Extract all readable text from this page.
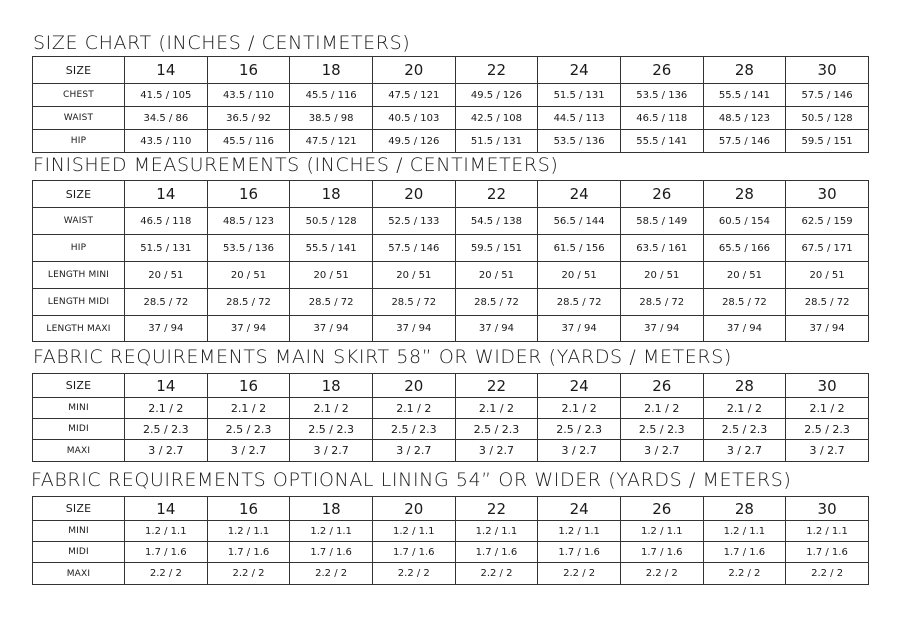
SIZE CHART (INCHES / CENTIMETERS)
SIZE	14	16	18	20	22	24	26	28	30
CHEST	41.5 / 105	43.5 / 110	45.5 / 116	47.5 / 121	49.5 / 126	51.5 / 131	53.5 / 136	55.5 / 141	57.5 / 146
WAIST	34.5 / 86	36.5 / 92	38.5 / 98	40.5 / 103	42.5 / 108	44.5 / 113	46.5 / 118	48.5 / 123	50.5 / 128
HIP	43.5 / 110	45.5 / 116	47.5 / 121	49.5 / 126	51.5 / 131	53.5 / 136	55.5 / 141	57.5 / 146	59.5 / 151
FINISHED MEASUREMENTS (INCHES / CENTIMETERS)
SIZE	14	16	18	20	22	24	26	28	30
WAIST	46.5 / 118	48.5 / 123	50.5 / 128	52.5 / 133	54.5 / 138	56.5 / 144	58.5 / 149	60.5 / 154	62.5 / 159
HIP	51.5 / 131	53.5 / 136	55.5 / 141	57.5 / 146	59.5 / 151	61.5 / 156	63.5 / 161	65.5 / 166	67.5 / 171
LENGTH MINI	20 / 51	20 / 51	20 / 51	20 / 51	20 / 51	20 / 51	20 / 51	20 / 51	20 / 51
LENGTH MIDI	28.5 / 72	28.5 / 72	28.5 / 72	28.5 / 72	28.5 / 72	28.5 / 72	28.5 / 72	28.5 / 72	28.5 / 72
LENGTH MAXI	37 / 94	37 / 94	37 / 94	37 / 94	37 / 94	37 / 94	37 / 94	37 / 94	37 / 94
FABRIC REQUIREMENTS MAIN SKIRT 58” OR WIDER (YARDS / METERS)
SIZE	14	16	18	20	22	24	26	28	30
MINI	2.1 / 2	2.1 / 2	2.1 / 2	2.1 / 2	2.1 / 2	2.1 / 2	2.1 / 2	2.1 / 2	2.1 / 2
MIDI	2.5 / 2.3	2.5 / 2.3	2.5 / 2.3	2.5 / 2.3	2.5 / 2.3	2.5 / 2.3	2.5 / 2.3	2.5 / 2.3	2.5 / 2.3
MAXI	3 / 2.7	3 / 2.7	3 / 2.7	3 / 2.7	3 / 2.7	3 / 2.7	3 / 2.7	3 / 2.7	3 / 2.7
FABRIC REQUIREMENTS OPTIONAL LINING 54” OR WIDER (YARDS / METERS)
SIZE	14	16	18	20	22	24	26	28	30
MINI	1.2 / 1.1	1.2 / 1.1	1.2 / 1.1	1.2 / 1.1	1.2 / 1.1	1.2 / 1.1	1.2 / 1.1	1.2 / 1.1	1.2 / 1.1
MIDI	1.7 / 1.6	1.7 / 1.6	1.7 / 1.6	1.7 / 1.6	1.7 / 1.6	1.7 / 1.6	1.7 / 1.6	1.7 / 1.6	1.7 / 1.6
MAXI	2.2 / 2	2.2 / 2	2.2 / 2	2.2 / 2	2.2 / 2	2.2 / 2	2.2 / 2	2.2 / 2	2.2 / 2
